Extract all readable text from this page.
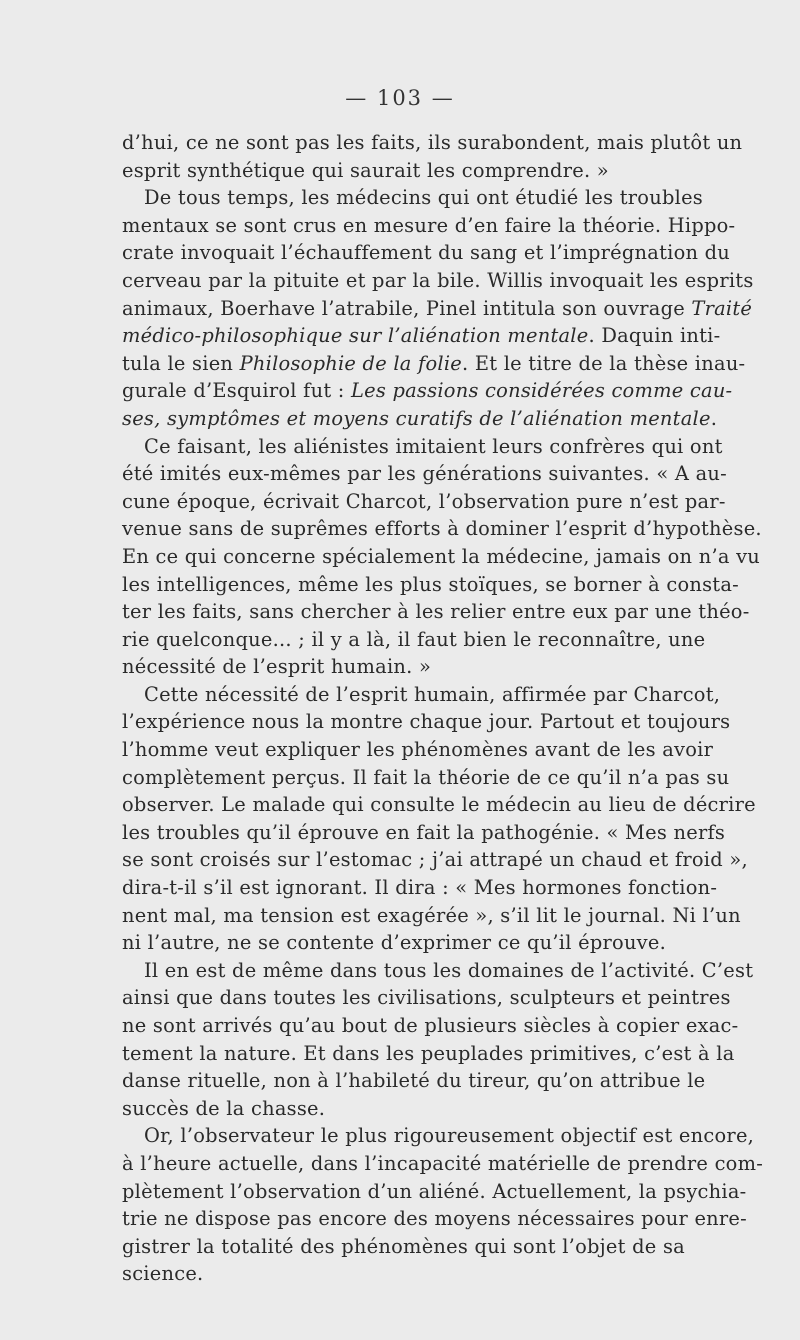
— 103 —
d’hui, ce ne sont pas les faits, ils surabondent, mais plutôt un
esprit synthétique qui saurait les comprendre. »
De tous temps, les médecins qui ont étudié les troubles
mentaux se sont crus en mesure d’en faire la théorie. Hippo-
crate invoquait l’échauffement du sang et l’imprégnation du
cerveau par la pituite et par la bile. Willis invoquait les esprits
animaux, Boerhave l’atrabile, Pinel intitula son ouvrage Traité
médico-philosophique sur l’aliénation mentale. Daquin inti-
tula le sien Philosophie de la folie. Et le titre de la thèse inau-
gurale d’Esquirol fut : Les passions considérées comme cau-
ses, symptômes et moyens curatifs de l’aliénation mentale.
Ce faisant, les aliénistes imitaient leurs confrères qui ont
été imités eux-mêmes par les générations suivantes. « A au-
cune époque, écrivait Charcot, l’observation pure n’est par-
venue sans de suprêmes efforts à dominer l’esprit d’hypothèse.
En ce qui concerne spécialement la médecine, jamais on n’a vu
les intelligences, même les plus stoïques, se borner à consta-
ter les faits, sans chercher à les relier entre eux par une théo-
rie quelconque... ; il y a là, il faut bien le reconnaître, une
nécessité de l’esprit humain. »
Cette nécessité de l’esprit humain, affirmée par Charcot,
l’expérience nous la montre chaque jour. Partout et toujours
l’homme veut expliquer les phénomènes avant de les avoir
complètement perçus. Il fait la théorie de ce qu’il n’a pas su
observer. Le malade qui consulte le médecin au lieu de décrire
les troubles qu’il éprouve en fait la pathogénie. « Mes nerfs
se sont croisés sur l’estomac ; j’ai attrapé un chaud et froid »,
dira-t-il s’il est ignorant. Il dira : « Mes hormones fonction-
nent mal, ma tension est exagérée », s’il lit le journal. Ni l’un
ni l’autre, ne se contente d’exprimer ce qu’il éprouve.
Il en est de même dans tous les domaines de l’activité. C’est
ainsi que dans toutes les civilisations, sculpteurs et peintres
ne sont arrivés qu’au bout de plusieurs siècles à copier exac-
tement la nature. Et dans les peuplades primitives, c’est à la
danse rituelle, non à l’habileté du tireur, qu’on attribue le
succès de la chasse.
Or, l’observateur le plus rigoureusement objectif est encore,
à l’heure actuelle, dans l’incapacité matérielle de prendre com-
plètement l’observation d’un aliéné. Actuellement, la psychia-
trie ne dispose pas encore des moyens nécessaires pour enre-
gistrer la totalité des phénomènes qui sont l’objet de sa
science.
